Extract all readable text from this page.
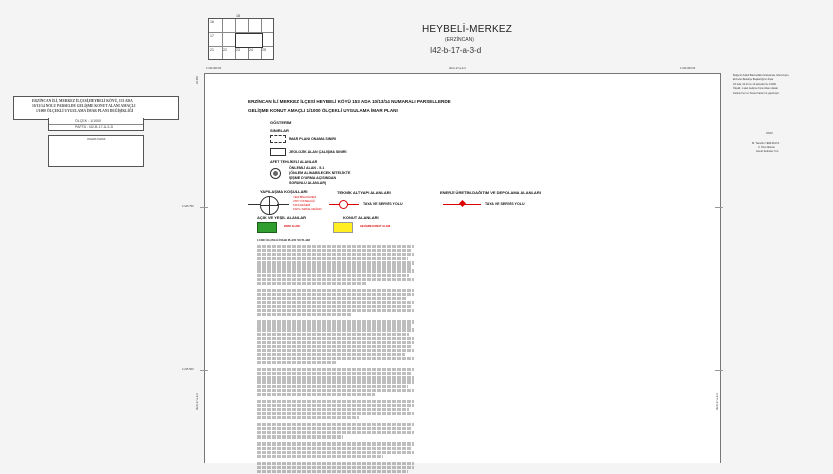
16
17
21	22	23	24	25
18
HEYBELİ-MERKEZ
(ERZİNCAN)
I42-b-17-a-3-d
ERZİNCAN İLİ, MERKEZ İLÇESİ,HEYBELİ KÖYÜ, 153 ADA
10/13/14 NOLU PARSELDE GELİŞME KONUT ALANI AMAÇLI
1/1000 ÖLÇEKLİ UYGULAMA İMAR PLANI DEĞİŞİKLİĞİ
ÖLÇEK : 1/1000
PAFTA : I42-B-17-A-3-D
ONAMA TARİHİ
4 416 000.00	I42-b-17-a-3-d	4 416 000.00
4 415 750
4 415 500
32 450
I42-b-17-a-3-d	I42-b-17-a-3-d
ERZİNCAN İLİ MERKEZ İLÇESİ HEYBELİ KÖYÜ 153 ADA 10/13/14 NUMARALI PARSELLERDE
GELİŞME KONUT AMAÇLI 1/1000 ÖLÇEKLİ UYGULAMA İMAR PLANI
GÖSTERİM
SINIRLAR
İMAR PLANI ONAMA SINIRI
JEOLOJİK ALAN ÇALIŞMA SINIRI
AFET TEHLİKELİ ALANLAR
ÖNLEMLİ ALAN - 5.1
(ÖNLEM ALINABİLECEK NİTELİKTE
ŞİŞME D'URMA AÇISINDAN
SORUNLU ALANLAR)
YAPILAŞMA KOŞULLARI
YENİ BİNA DÜZENİ
YAPI YÜKSEKLİĞİ
TAKS DEĞERİ
KAKS / EMSAL DEĞERİ
TEKNİK ALTYAPI ALANLARI
TAYA VE SERVİS YOLU
ENERJİ ÜRETİM-DAĞITIM VE DEPOLAMA ALANLARI
TAYA VE SERVİS YOLU
AÇIK VE YEŞİL ALANLAR
PARK ALANI
KONUT ALANLARI
GELİŞME KONUT ALANI
1/1000 ÖLÇEKLİ İMAR PLANI NOTLARI
Belgenin Kabul Bilemedikle Neticesinde, Ehemmiyet,
Erzincan Belediye Başkanlığının İrişat
2/4 Ada, 10-13 ve 14 parseller ile 1/1000
Ölçekli, 1 adet Gelişme Konut Alanı olarak
Kararın Fen ve Ticaret Kararı bu yapılmıştır.
ONAY
M. Tacettin YERLİKAYA
V. Özel İdaresi
Genel Sekreter V.G.
